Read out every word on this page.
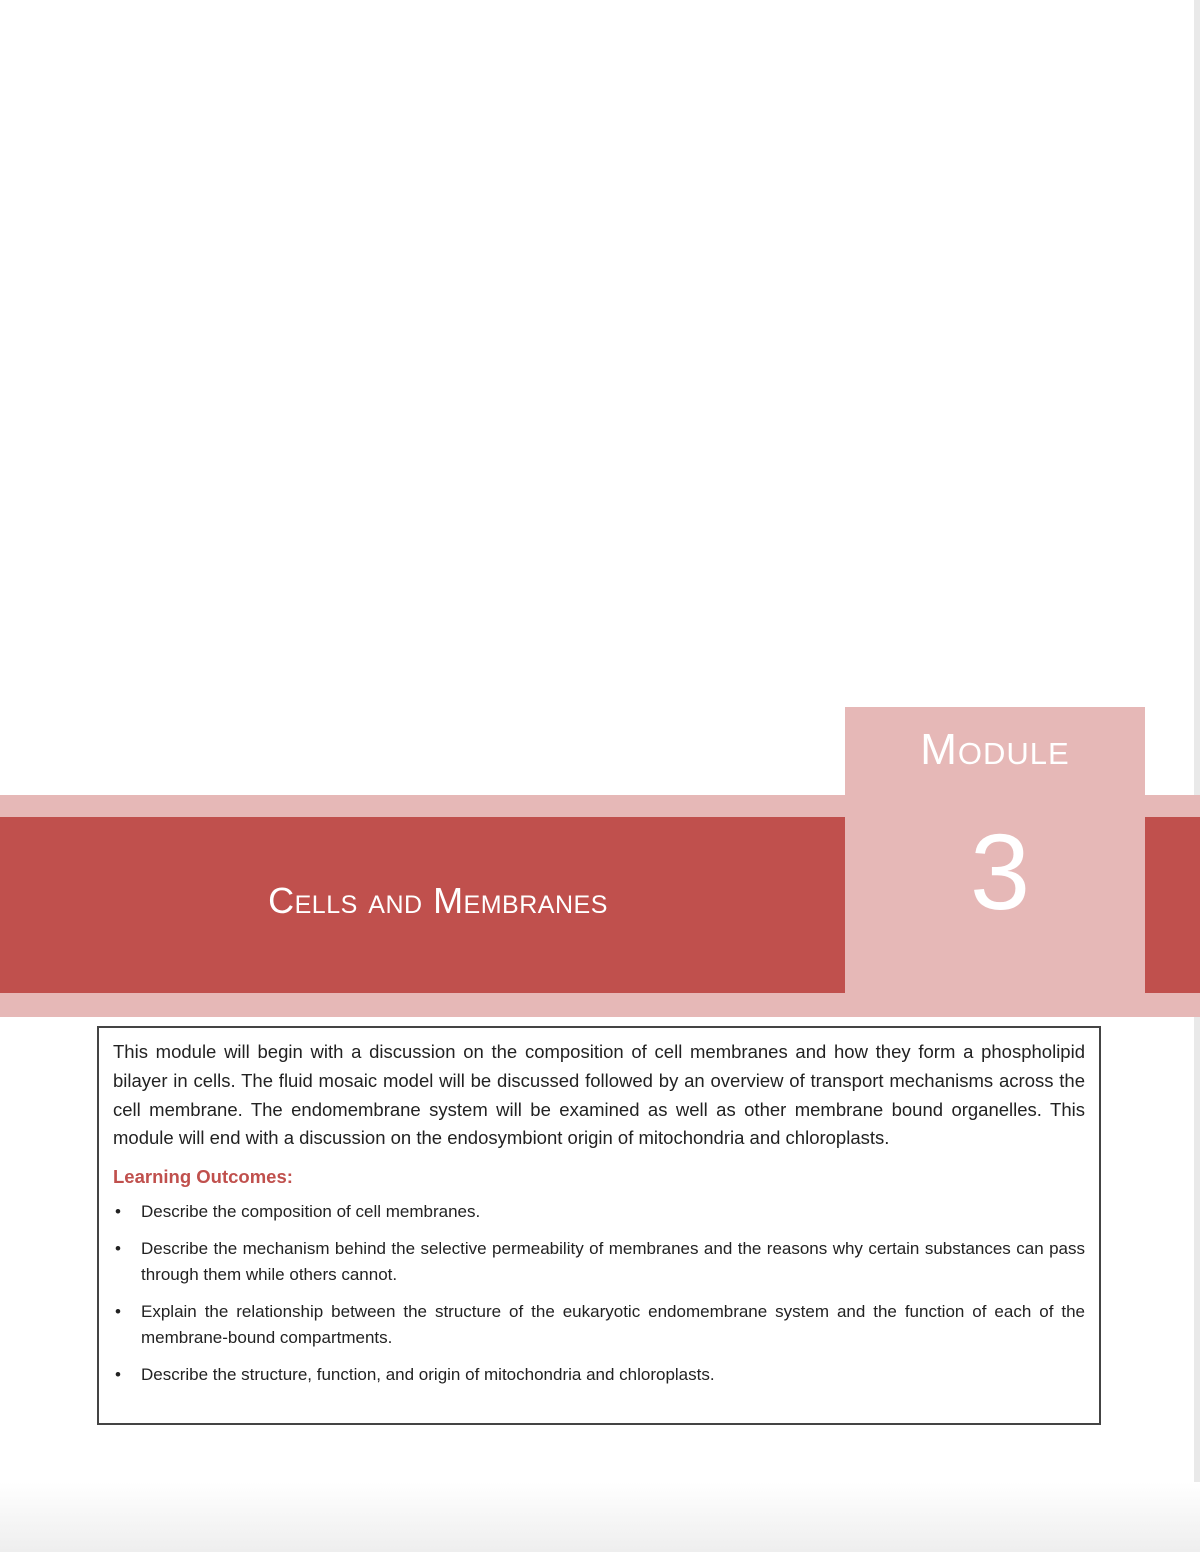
Module
3
Cells and Membranes

This module will begin with a discussion on the composition of cell membranes and how they form a phospholipid bilayer in cells. The fluid mosaic model will be discussed followed by an overview of transport mechanisms across the cell membrane. The endomembrane system will be examined as well as other membrane bound organelles. This module will end with a discussion on the endosymbiont origin of mitochondria and chloroplasts.

Learning Outcomes:
• Describe the composition of cell membranes.
• Describe the mechanism behind the selective permeability of membranes and the reasons why certain substances can pass through them while others cannot.
• Explain the relationship between the structure of the eukaryotic endomembrane system and the function of each of the membrane-bound compartments.
• Describe the structure, function, and origin of mitochondria and chloroplasts.
